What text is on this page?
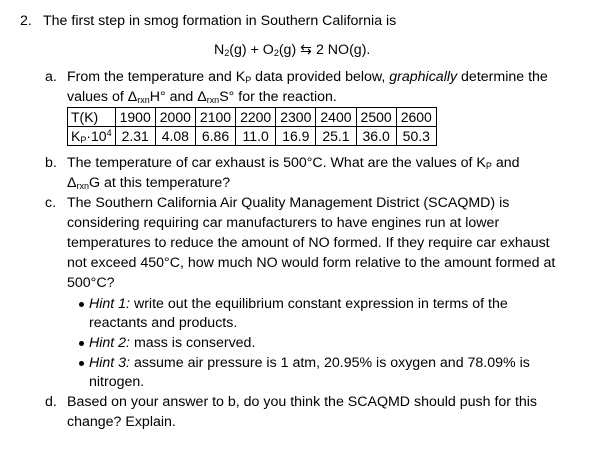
2. The first step in smog formation in Southern California is
$N_2(g) + O_2(g)$ ⇆ 2 NO(g).
a. From the temperature and $K_P$ data provided below, graphically determine the
values of $\Delta_{rxn}H^\circ$ and $\Delta_{rxn}S^\circ$ for the reaction.
T(K)	1900	2000	2100	2200	2300	2400	2500	2600
$K_P\cdot 10^4$	2.31	4.08	6.86	11.0	16.9	25.1	36.0	50.3
b. The temperature of car exhaust is 500°C. What are the values of $K_P$ and
$\Delta_{rxn}G$ at this temperature?
c. The Southern California Air Quality Management District (SCAQMD) is
considering requiring car manufacturers to have engines run at lower
temperatures to reduce the amount of NO formed. If they require car exhaust
not exceed 450°C, how much NO would form relative to the amount formed at
500°C?
Hint 1: write out the equilibrium constant expression in terms of the
reactants and products.
Hint 2: mass is conserved.
Hint 3: assume air pressure is 1 atm, 20.95% is oxygen and 78.09% is
nitrogen.
d. Based on your answer to b, do you think the SCAQMD should push for this
change? Explain.
